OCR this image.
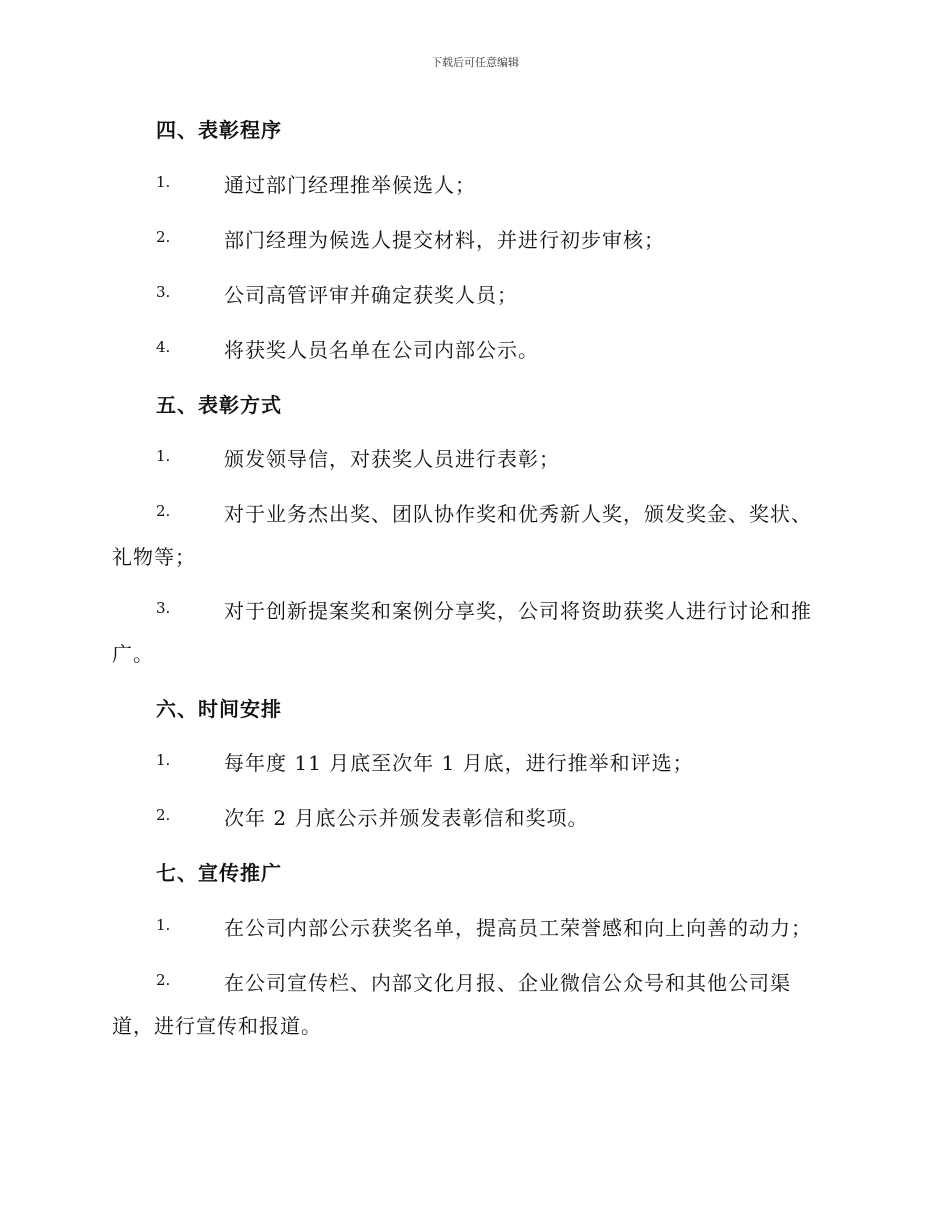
下载后可任意编辑
四、表彰程序
1.	通过部门经理推举候选人；
2.	部门经理为候选人提交材料，并进行初步审核；
3.	公司高管评审并确定获奖人员；
4.	将获奖人员名单在公司内部公示。
五、表彰方式
1.	颁发领导信，对获奖人员进行表彰；
2.	对于业务杰出奖、团队协作奖和优秀新人奖，颁发奖金、奖状、
礼物等；
3.	对于创新提案奖和案例分享奖，公司将资助获奖人进行讨论和推
广。
六、时间安排
1.	每年度 11 月底至次年 1 月底，进行推举和评选；
2.	次年 2 月底公示并颁发表彰信和奖项。
七、宣传推广
1.	在公司内部公示获奖名单，提高员工荣誉感和向上向善的动力；
2.	在公司宣传栏、内部文化月报、企业微信公众号和其他公司渠
道，进行宣传和报道。
